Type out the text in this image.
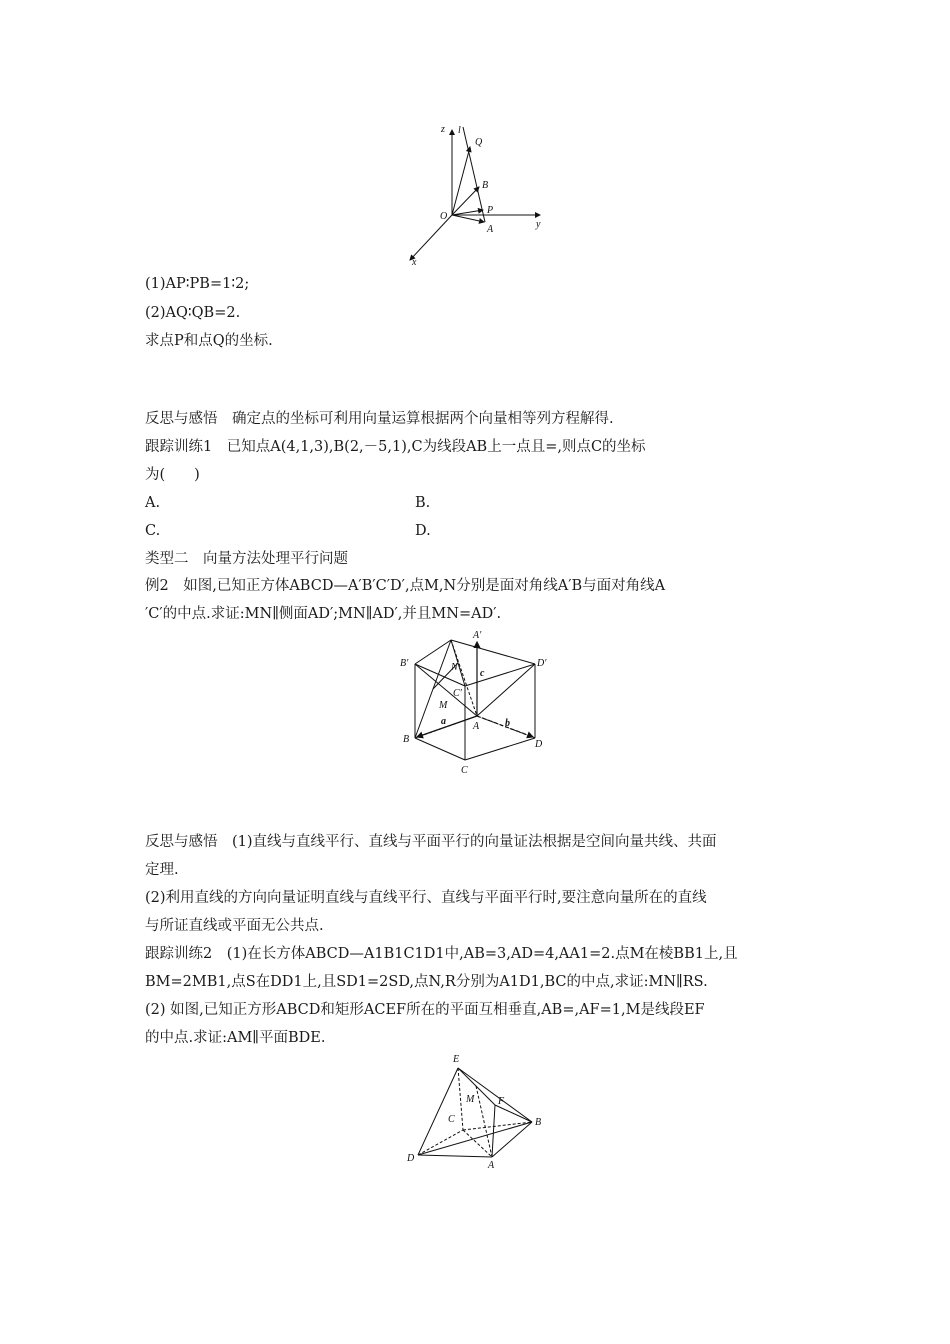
z l
Q
B
O
P
A	y
x
(1)AP∶PB=1∶2;
(2)AQ∶QB=2.
求点P和点Q的坐标.
反思与感悟　确定点的坐标可利用向量运算根据两个向量相等列方程解得.
跟踪训练1　已知点A(4,1,3),B(2,－5,1),C为线段AB上一点且=,则点C的坐标
为(　　)
A.	B.
C.	D.
类型二　向量方法处理平行问题
例2　如图,已知正方体ABCD—A′B′C′D′,点M,N分别是面对角线A′B与面对角线A
′C′的中点.求证:MN∥侧面AD′;MN∥AD′,并且MN=AD′.
A′
B′	D′
N
c
C′
M
a	A	b
B	D
C
反思与感悟　(1)直线与直线平行、直线与平面平行的向量证法根据是空间向量共线、共面
定理.
(2)利用直线的方向向量证明直线与直线平行、直线与平面平行时,要注意向量所在的直线
与所证直线或平面无公共点.
跟踪训练2　(1)在长方体ABCD—A1B1C1D1中,AB=3,AD=4,AA1=2.点M在棱BB1上,且
BM=2MB1,点S在DD1上,且SD1=2SD,点N,R分别为A1D1,BC的中点,求证:MN∥RS.
(2) 如图,已知正方形ABCD和矩形ACEF所在的平面互相垂直,AB=,AF=1,M是线段EF
的中点.求证:AM∥平面BDE.
E
M F
C	B
D
A
